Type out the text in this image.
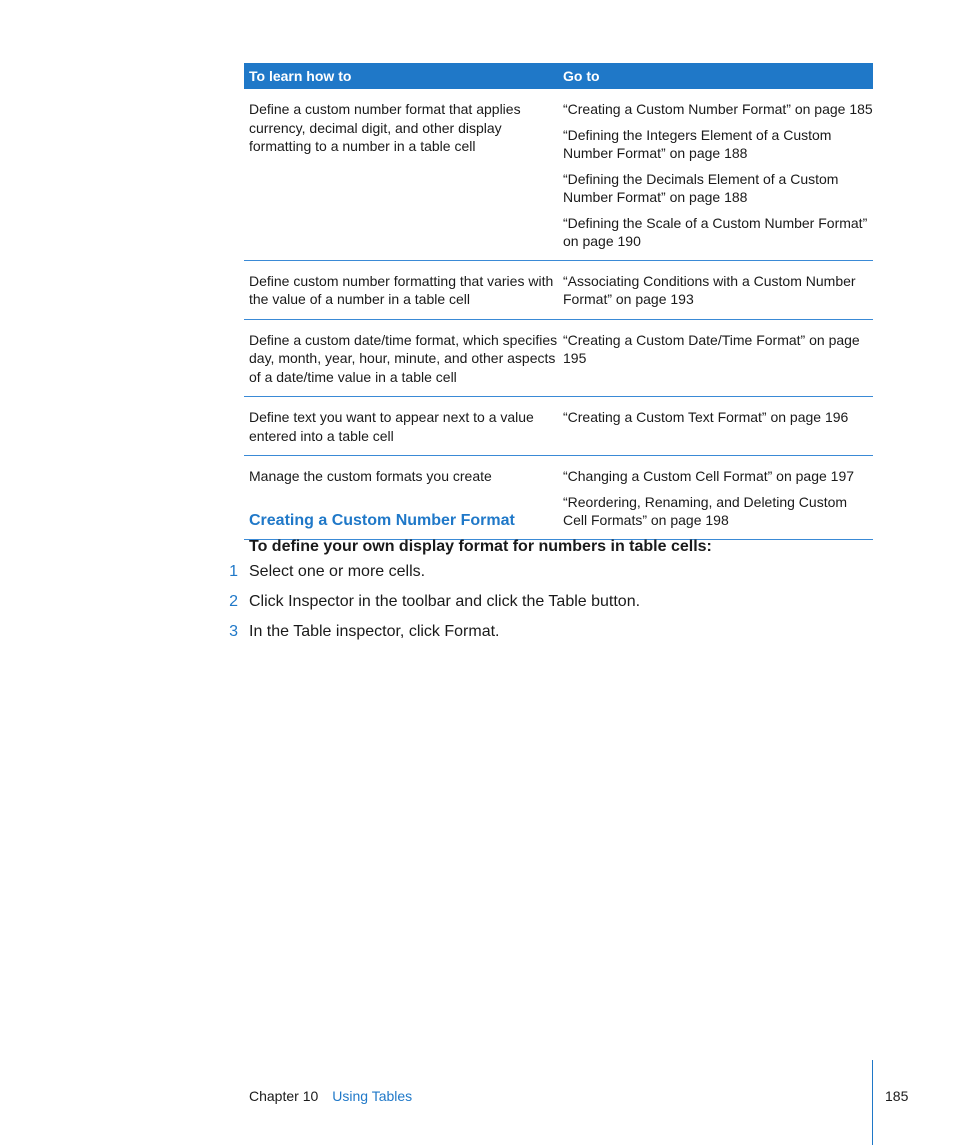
To learn how to	Go to
Define a custom number format that applies currency, decimal digit, and other display formatting to a number in a table cell	“Creating a Custom Number Format” on page 185
“Defining the Integers Element of a Custom Number Format” on page 188
“Defining the Decimals Element of a Custom Number Format” on page 188
“Defining the Scale of a Custom Number Format” on page 190

Define custom number formatting that varies with the value of a number in a table cell	“Associating Conditions with a Custom Number Format” on page 193

Define a custom date/time format, which specifies day, month, year, hour, minute, and other aspects of a date/time value in a table cell	“Creating a Custom Date/Time Format” on page 195

Define text you want to appear next to a value entered into a table cell	“Creating a Custom Text Format” on page 196

Manage the custom formats you create	“Changing a Custom Cell Format” on page 197
“Reordering, Renaming, and Deleting Custom Cell Formats” on page 198
Creating a Custom Number Format

To define your own display format for numbers in table cells:

1 Select one or more cells.
2 Click Inspector in the toolbar and click the Table button.
3 In the Table inspector, click Format.
Chapter 10 Using Tables	185
